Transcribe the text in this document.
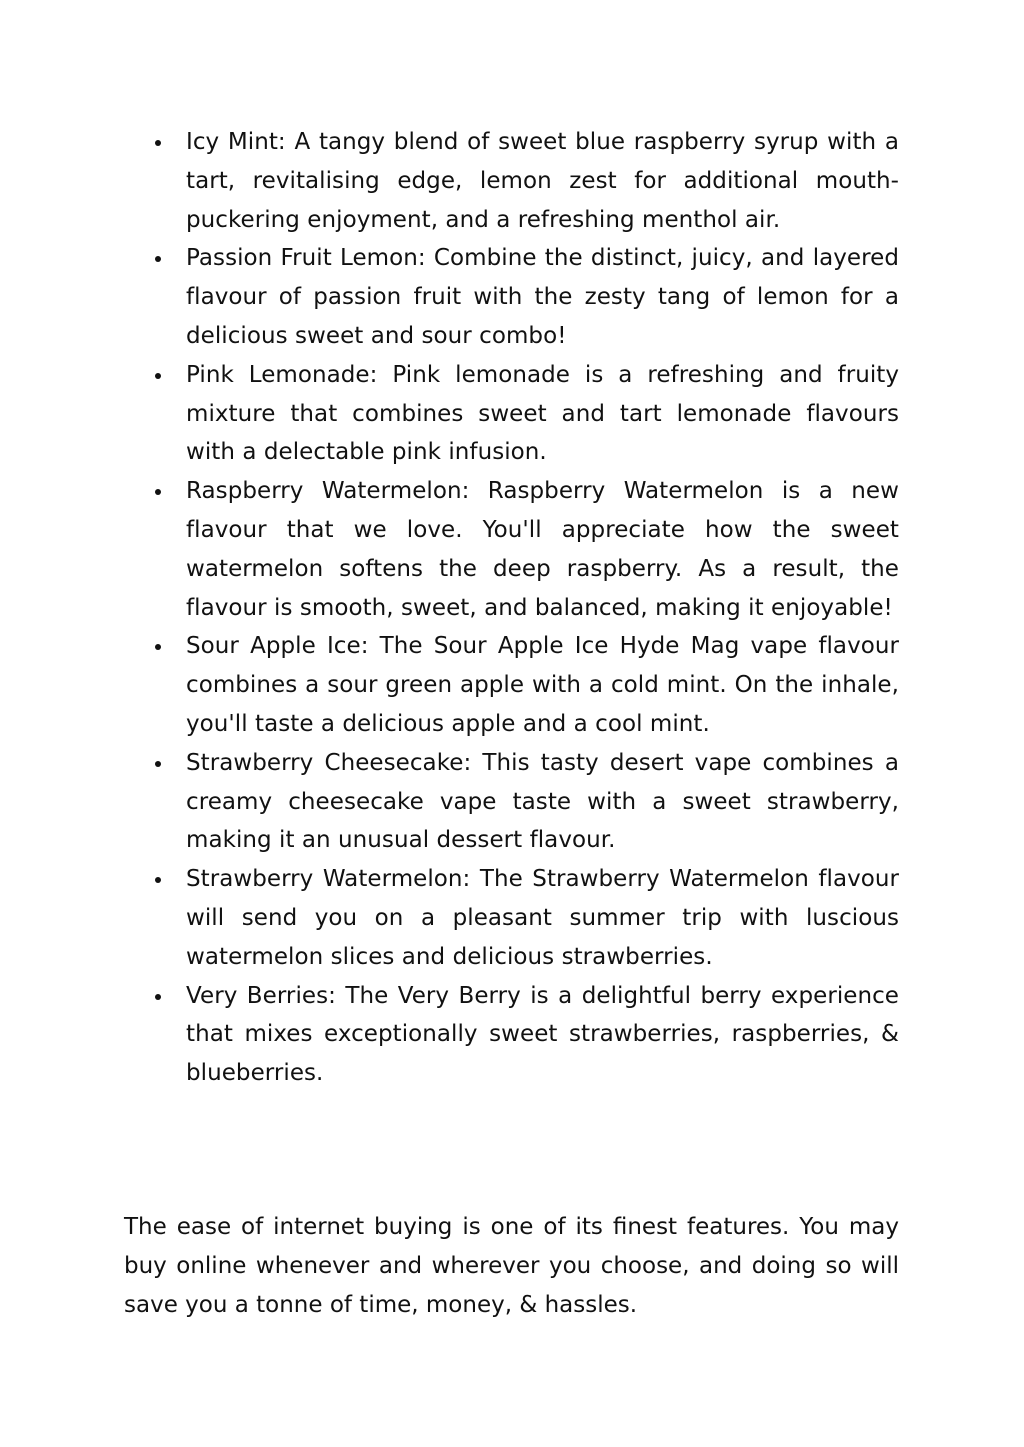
Icy Mint: A tangy blend of sweet blue raspberry syrup with a tart, revitalising edge, lemon zest for additional mouth-puckering enjoyment, and a refreshing menthol air.
Passion Fruit Lemon: Combine the distinct, juicy, and layered flavour of passion fruit with the zesty tang of lemon for a delicious sweet and sour combo!
Pink Lemonade: Pink lemonade is a refreshing and fruity mixture that combines sweet and tart lemonade flavours with a delectable pink infusion.
Raspberry Watermelon: Raspberry Watermelon is a new flavour that we love. You'll appreciate how the sweet watermelon softens the deep raspberry. As a result, the flavour is smooth, sweet, and balanced, making it enjoyable!
Sour Apple Ice: The Sour Apple Ice Hyde Mag vape flavour combines a sour green apple with a cold mint. On the inhale, you'll taste a delicious apple and a cool mint.
Strawberry Cheesecake: This tasty desert vape combines a creamy cheesecake vape taste with a sweet strawberry, making it an unusual dessert flavour.
Strawberry Watermelon: The Strawberry Watermelon flavour will send you on a pleasant summer trip with luscious watermelon slices and delicious strawberries.
Very Berries: The Very Berry is a delightful berry experience that mixes exceptionally sweet strawberries, raspberries, & blueberries.

The ease of internet buying is one of its finest features. You may buy online whenever and wherever you choose, and doing so will save you a tonne of time, money, & hassles.
